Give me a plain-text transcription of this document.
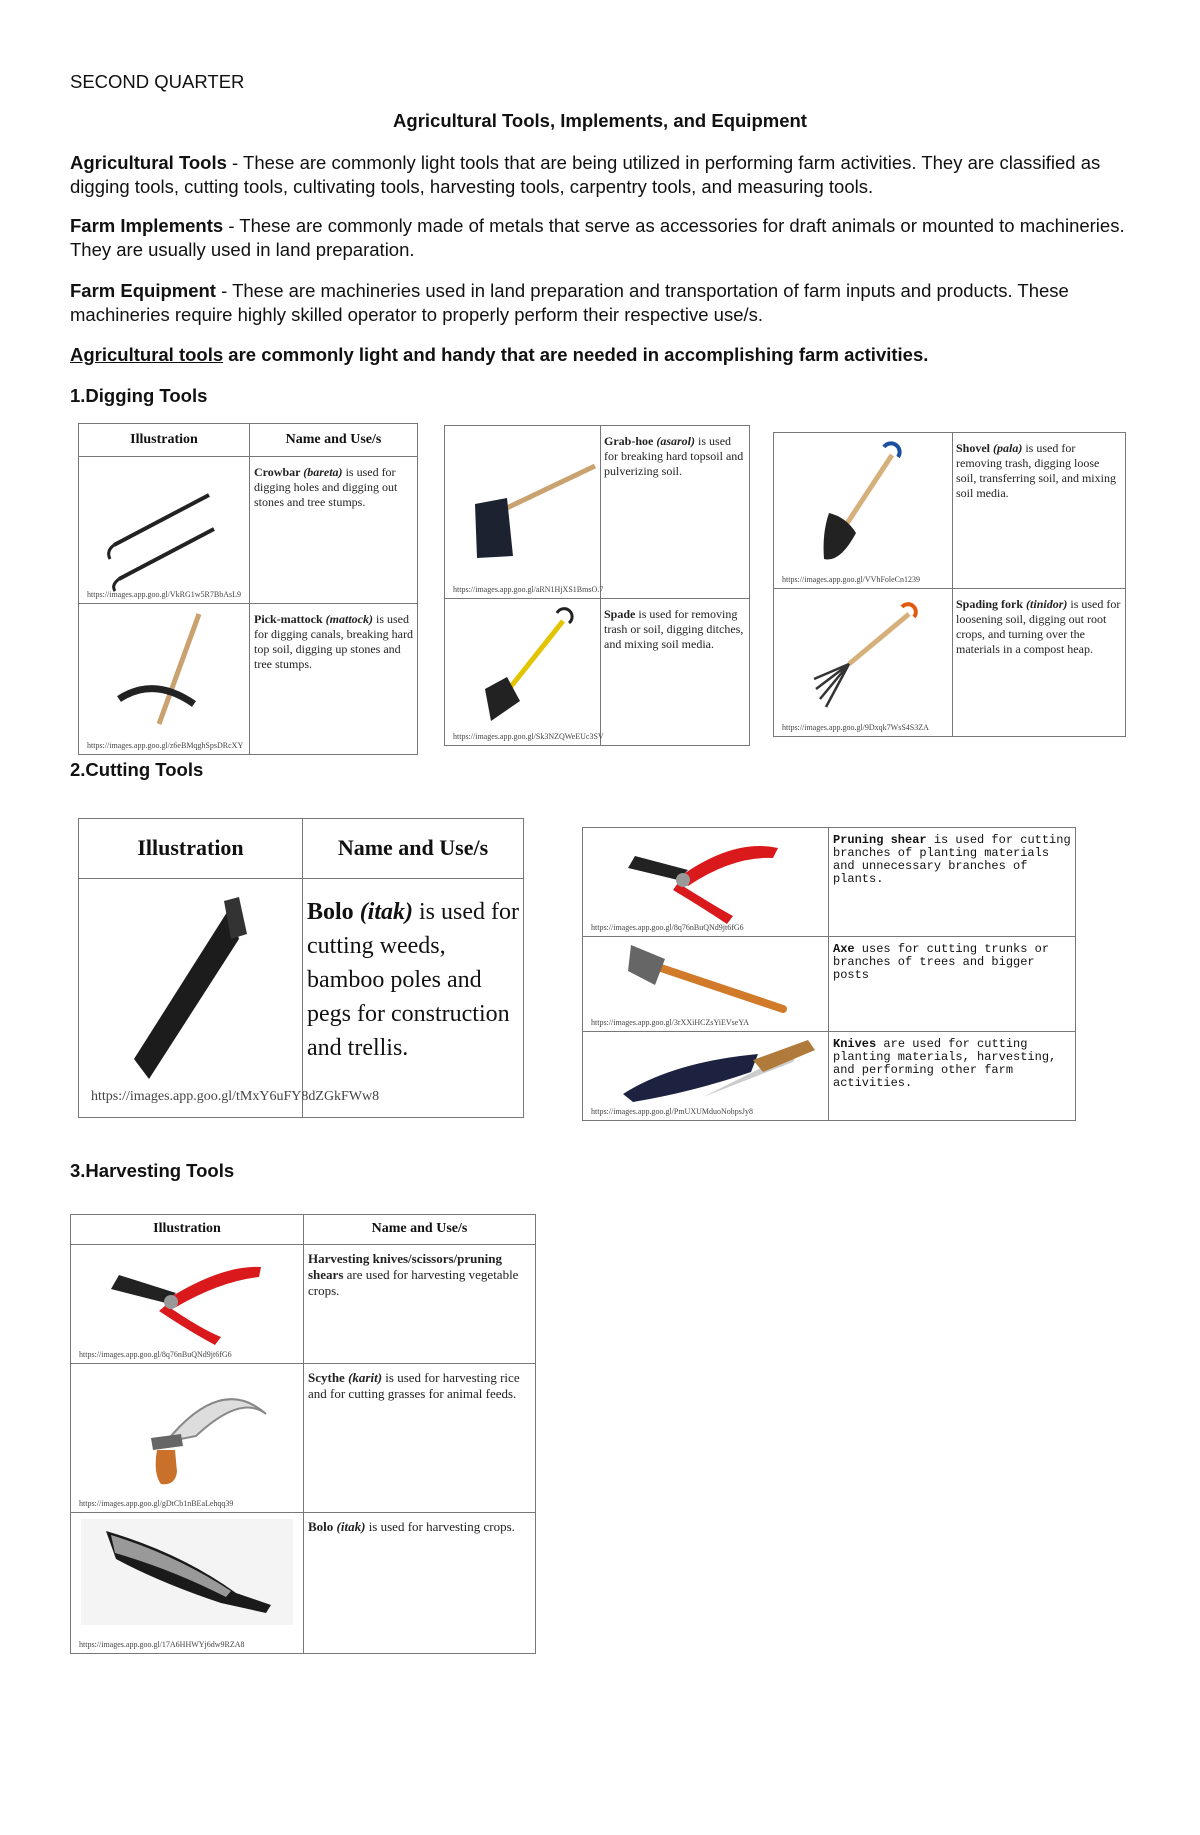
SECOND QUARTER
Agricultural Tools, Implements, and Equipment
Agricultural Tools - These are commonly light tools that are being utilized in performing farm activities. They are classified as digging tools, cutting tools, cultivating tools, harvesting tools, carpentry tools, and measuring tools.
Farm Implements - These are commonly made of metals that serve as accessories for draft animals or mounted to machineries. They are usually used in land preparation.
Farm Equipment - These are machineries used in land preparation and transportation of farm inputs and products. These machineries require highly skilled operator to properly perform their respective use/s.
Agricultural tools are commonly light and handy that are needed in accomplishing farm activities.
1.Digging Tools
Illustration	Name and Use/s

https://images.app.goo.gl/VkRG1w5R7BbAsL9	Crowbar (bareta) is used for digging holes and digging out stones and tree stumps.

https://images.app.goo.gl/z6eBMqghSpsDRcXY	Pick-mattock (mattock) is used for digging canals, breaking hard top soil, digging up stones and tree stumps.
https://images.app.goo.gl/aRN1HjXS1BmsO.7	Grab-hoe (asarol) is used for breaking hard topsoil and pulverizing soil.

https://images.app.goo.gl/Sk3NZQWeEUc3SV	Spade is used for removing trash or soil, digging ditches, and mixing soil media.
https://images.app.goo.gl/VVhFoleCn1239	Shovel (pala) is used for removing trash, digging loose soil, transferring soil, and mixing soil media.

https://images.app.goo.gl/9Dxqk7WsS4S3ZA	Spading fork (tinidor) is used for loosening soil, digging out root crops, and turning over the materials in a compost heap.
2.Cutting Tools
Illustration	Name and Use/s

https://images.app.goo.gl/tMxY6uFY8dZGkFWw8	Bolo (itak) is used for cutting weeds, bamboo poles and pegs for construction and trellis.
https://images.app.goo.gl/8q76nBuQNd9jt6fG6	Pruning shear is used for cutting branches of planting materials and unnecessary branches of plants.

https://images.app.goo.gl/3rXXiHCZsYiEVseYA	Axe uses for cutting trunks or branches of trees and bigger posts

https://images.app.goo.gl/PmUXUMduoNohpsJy8	Knives are used for cutting planting materials, harvesting, and performing other farm activities.
3.Harvesting Tools
Illustration	Name and Use/s

https://images.app.goo.gl/8q76nBuQNd9jt6fG6	Harvesting knives/scissors/pruning shears are used for harvesting vegetable crops.

https://images.app.goo.gl/gDtCb1nBEaLehqq39	Scythe (karit) is used for harvesting rice and for cutting grasses for animal feeds.

https://images.app.goo.gl/17A6HHWYj6dw9RZA8	Bolo (itak) is used for harvesting crops.
